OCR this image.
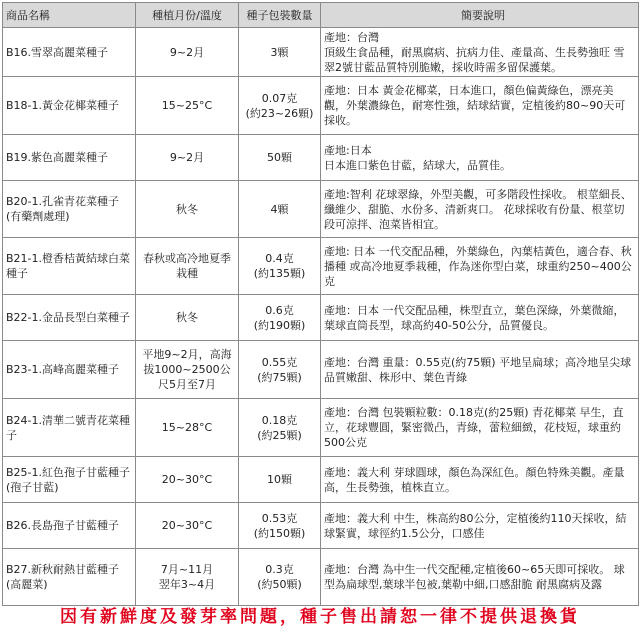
商品名稱	種植月份/溫度	種子包裝數量	簡要說明
B16.雪翠高麗菜種子	9~2月	3顆	產地：台灣
頂級生食品種，耐黑腐病、抗病力佳、產量高、生長勢強旺 雪翠2號甘藍品質特別脆嫩，採收時需多留保護葉。
B18-1.黃金花椰菜種子	15~25°C	0.07克
(約23~26顆)	產地：日本 黃金花椰菜，日本進口，顏色偏黃綠色，漂亮美觀，外葉濃綠色，耐寒性強，結球結實，定植後約80~90天可採收。
B19.紫色高麗菜種子	9~2月	50顆	產地:日本
日本進口紫色甘藍，結球大，品質佳。
B20-1.孔雀青花菜種子
(有藥劑處理)	秋冬	4顆	產地:智利 花球翠綠，外型美觀，可多階段性採收。 根莖細長、纖維少、甜脆、水份多、清新爽口。 花球採收有份量、根莖切段可涼拌、泡菜皆相宜。
B21-1.橙香桔黃結球白菜種子	春秋或高冷地夏季栽種	0.4克
(約135顆)	產地: 日本 一代交配品種，外葉綠色，內葉桔黃色，適合春、秋播種 或高冷地夏季栽種，作為迷你型白菜，球重約250~400公克
B22-1.金品長型白菜種子	秋冬	0.6克
(約190顆)	產地：日本 一代交配品種，株型直立，葉色深綠，外葉微縮，葉球直筒長型，球高約40-50公分，品質優良。
B23-1.高峰高麗菜種子	平地9~2月，高海拔1000~2500公尺5月至7月	0.55克
(約75顆)	產地：台灣 重量：0.55克(約75顆) 平地呈扁球；高冷地呈尖球 品質嫩甜、株形中、葉色青綠
B24-1.清華二號青花菜種子	15~28°C	0.18克
(約25顆)	產地：台灣 包裝顆粒數：0.18克(約25顆) 青花椰菜 早生，直立，花球豐圓，緊密微凸，青綠，蕾粒細緻，花枝短，球重約500公克
B25-1.紅色孢子甘藍種子(孢子甘藍)	20~30°C	10顆	產地：義大利 芽球圓球，顏色為深紅色。顏色特殊美觀。產量高，生長勢強，植株直立。
B26.長島孢子甘藍種子	20~30°C	0.53克
(約150顆)	產地：義大利 中生，株高約80公分，定植後約110天採收，結球緊實，球徑約1.5公分，口感佳
B27.新秋耐熱甘藍種子
(高麗菜)	7月~11月
翌年3~4月	0.3克
(約50顆)	產地：台灣 為中生一代交配種,定植後60~65天即可採收。 球型為扁球型,葉球半包被,葉勒中細,口感甜脆 耐黑腐病及露
因有新鮮度及發芽率問題，種子售出請恕一律不提供退換貨
